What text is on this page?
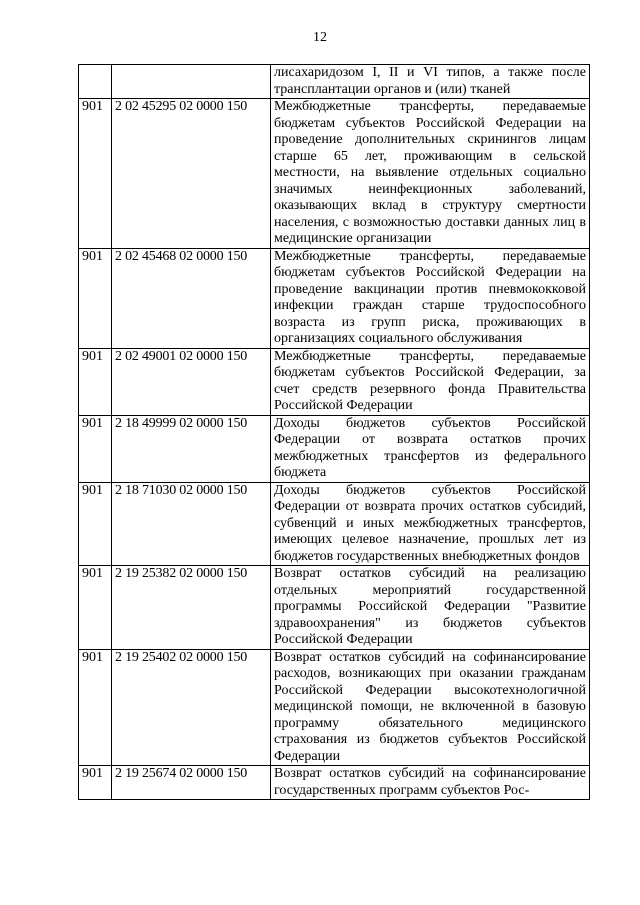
12
		лисахаридозом I, II и VI типов, а также после трансплантации органов и (или) тканей
901	2 02 45295 02 0000 150	Межбюджетные трансферты, передаваемые бюджетам субъектов Российской Федерации на проведение дополнительных скринингов лицам старше 65 лет, проживающим в сельской местности, на выявление отдельных социально значимых неинфекционных заболеваний, оказывающих вклад в структуру смертности населения, с возможностью доставки данных лиц в медицинские организации
901	2 02 45468 02 0000 150	Межбюджетные трансферты, передаваемые бюджетам субъектов Российской Федерации на проведение вакцинации против пневмококковой инфекции граждан старше трудоспособного возраста из групп риска, проживающих в организациях социального обслуживания
901	2 02 49001 02 0000 150	Межбюджетные трансферты, передаваемые бюджетам субъектов Российской Федерации, за счет средств резервного фонда Правительства Российской Федерации
901	2 18 49999 02 0000 150	Доходы бюджетов субъектов Российской Федерации от возврата остатков прочих межбюджетных трансфертов из федерального бюджета
901	2 18 71030 02 0000 150	Доходы бюджетов субъектов Российской Федерации от возврата прочих остатков субсидий, субвенций и иных межбюджетных трансфертов, имеющих целевое назначение, прошлых лет из бюджетов государственных внебюджетных фондов
901	2 19 25382 02 0000 150	Возврат остатков субсидий на реализацию отдельных мероприятий государственной программы Российской Федерации "Развитие здравоохранения" из бюджетов субъектов Российской Федерации
901	2 19 25402 02 0000 150	Возврат остатков субсидий на софинансирование расходов, возникающих при оказании гражданам Российской Федерации высокотехнологичной медицинской помощи, не включенной в базовую программу обязательного медицинского страхования из бюджетов субъектов Российской Федерации
901	2 19 25674 02 0000 150	Возврат остатков субсидий на софинансирование государственных программ субъектов Рос-
